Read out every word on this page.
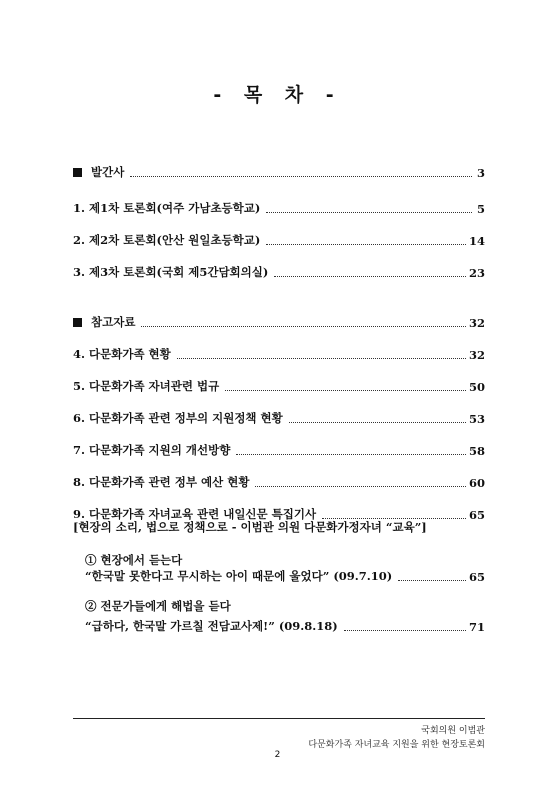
- 목 차 -
발간사	3
1. 제1차 토론회(여주 가남초등학교)	5
2. 제2차 토론회(안산 원일초등학교)	14
3. 제3차 토론회(국회 제5간담회의실)	23
참고자료	32
4. 다문화가족 현황	32
5. 다문화가족 자녀관련 법규	50
6. 다문화가족 관련 정부의 지원정책 현황	53
7. 다문화가족 지원의 개선방향	58
8. 다문화가족 관련 정부 예산 현황	60
9. 다문화가족 자녀교육 관련 내일신문 특집기사	65
[현장의 소리, 법으로 정책으로 - 이범관 의원 다문화가정자녀 “교육”]
① 현장에서 듣는다
“한국말 못한다고 무시하는 아이 때문에 울었다” (09.7.10)	65
② 전문가들에게 해법을 듣다
“급하다, 한국말 가르칠 전담교사제!” (09.8.18)	71
국회의원 이범관
다문화가족 자녀교육 지원을 위한 현장토론회
2
